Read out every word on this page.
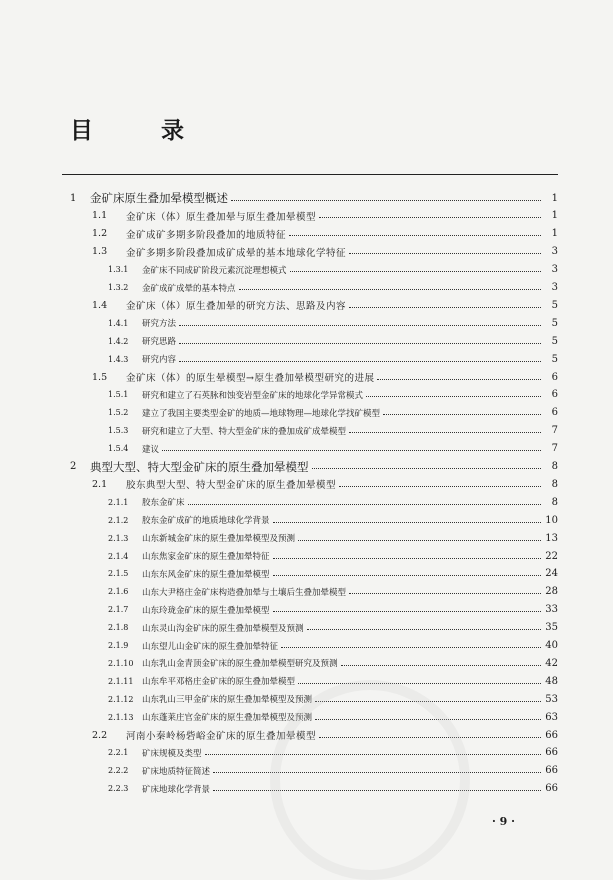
目 录
1	金矿床原生叠加晕模型概述	1
1.1	金矿床（体）原生叠加晕与原生叠加晕模型	1
1.2	金矿成矿多期多阶段叠加的地质特征	1
1.3	金矿多期多阶段叠加成矿成晕的基本地球化学特征	3
1.3.1	金矿床不同成矿阶段元素沉淀理想模式	3
1.3.2	金矿成矿成晕的基本特点	3
1.4	金矿床（体）原生叠加晕的研究方法、思路及内容	5
1.4.1	研究方法	5
1.4.2	研究思路	5
1.4.3	研究内容	5
1.5	金矿床（体）的原生晕模型→原生叠加晕模型研究的进展	6
1.5.1	研究和建立了石英脉和蚀变岩型金矿床的地球化学异常模式	6
1.5.2	建立了我国主要类型金矿的地质—地球物理—地球化学找矿模型	6
1.5.3	研究和建立了大型、特大型金矿床的叠加成矿成晕模型	7
1.5.4	建议	7
2	典型大型、特大型金矿床的原生叠加晕模型	8
2.1	胶东典型大型、特大型金矿床的原生叠加晕模型	8
2.1.1	胶东金矿床	8
2.1.2	胶东金矿成矿的地质地球化学背景	10
2.1.3	山东新城金矿床的原生叠加晕模型及预测	13
2.1.4	山东焦家金矿床的原生叠加晕特征	22
2.1.5	山东东风金矿床的原生叠加晕模型	24
2.1.6	山东大尹格庄金矿床构造叠加晕与土壤后生叠加晕模型	28
2.1.7	山东玲珑金矿床的原生叠加晕模型	33
2.1.8	山东灵山沟金矿床的原生叠加晕模型及预测	35
2.1.9	山东望儿山金矿床的原生叠加晕特征	40
2.1.10	山东乳山金青顶金矿床的原生叠加晕模型研究及预测	42
2.1.11	山东牟平邓格庄金矿床的原生叠加晕模型	48
2.1.12	山东乳山三甲金矿床的原生叠加晕模型及预测	53
2.1.13	山东蓬莱庄官金矿床的原生叠加晕模型及预测	63
2.2	河南小秦岭杨砦峪金矿床的原生叠加晕模型	66
2.2.1	矿床规模及类型	66
2.2.2	矿床地质特征简述	66
2.2.3	矿床地球化学背景	66
· 9 ·
